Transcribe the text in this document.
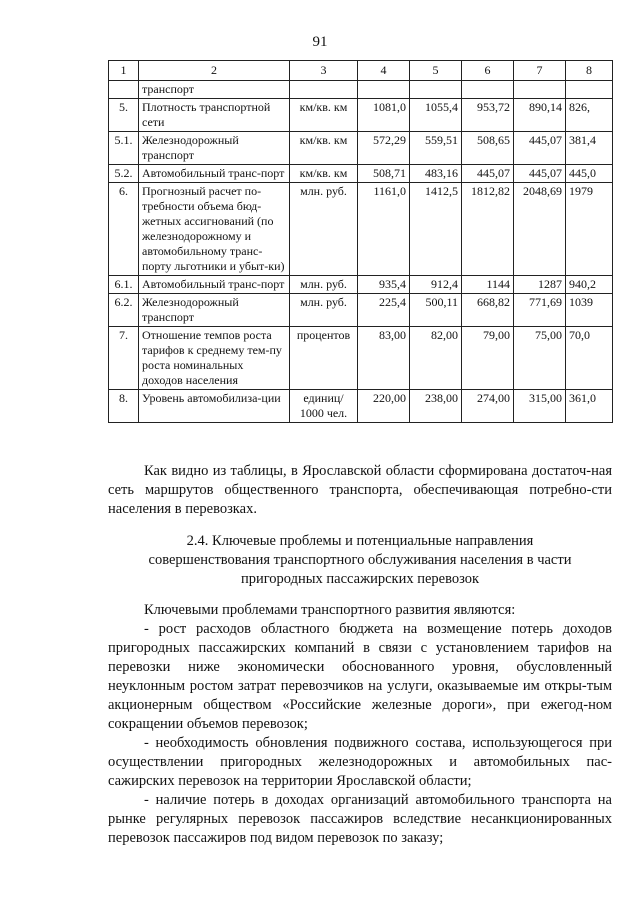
91
1	2	3	4	5	6	7	8
	транспорт						
5.	Плотность транспортной сети	км/кв. км	1081,0	1055,4	953,72	890,14	826,
5.1.	Железнодорожный транспорт	км/кв. км	572,29	559,51	508,65	445,07	381,4
5.2.	Автомобильный транс-порт	км/кв. км	508,71	483,16	445,07	445,07	445,0
6.	Прогнозный расчет по-требности объема бюд-жетных ассигнований (по железнодорожному и автомобильному транс-порту льготники и убыт-ки)	млн. руб.	1161,0	1412,5	1812,82	2048,69	1979
6.1.	Автомобильный транс-порт	млн. руб.	935,4	912,4	1144	1287	940,2
6.2.	Железнодорожный транспорт	млн. руб.	225,4	500,11	668,82	771,69	1039
7.	Отношение темпов роста тарифов к среднему тем-пу роста номинальных доходов населения	процентов	83,00	82,00	79,00	75,00	70,0
8.	Уровень автомобилиза-ции	единиц/ 1000 чел.	220,00	238,00	274,00	315,00	361,0

Как видно из таблицы, в Ярославской области сформирована достаточ-ная сеть маршрутов общественного транспорта, обеспечивающая потребно-сти населения в перевозках.

2.4. Ключевые проблемы и потенциальные направления
совершенствования транспортного обслуживания населения в части
пригородных пассажирских перевозок

Ключевыми проблемами транспортного развития являются:

- рост расходов областного бюджета на возмещение потерь доходов пригородных пассажирских компаний в связи с установлением тарифов на перевозки ниже экономически обоснованного уровня, обусловленный неуклонным ростом затрат перевозчиков на услуги, оказываемые им откры-тым акционерным обществом «Российские железные дороги», при ежегод-ном сокращении объемов перевозок;

- необходимость обновления подвижного состава, использующегося при осуществлении пригородных железнодорожных и автомобильных пас-сажирских перевозок на территории Ярославской области;

- наличие потерь в доходах организаций автомобильного транспорта на рынке регулярных перевозок пассажиров вследствие несанкционированных перевозок пассажиров под видом перевозок по заказу;
